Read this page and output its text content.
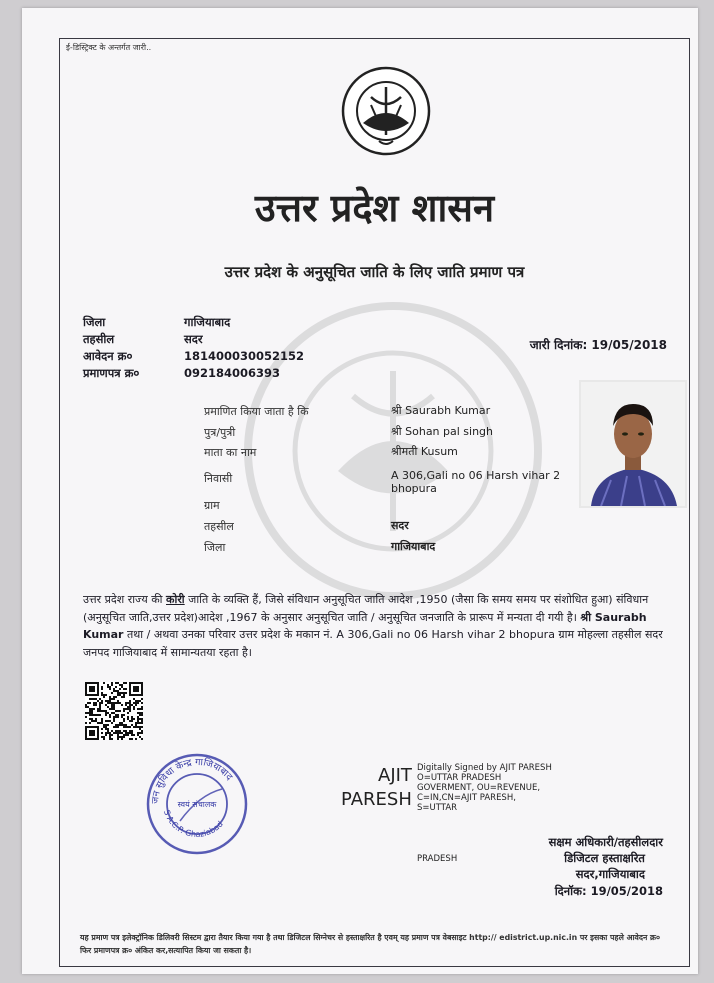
ई-डिस्ट्रिक्ट के अन्तर्गत जारी..
उत्तर प्रदेश शासन
उत्तर प्रदेश के अनुसूचित जाति के लिए जाति प्रमाण पत्र
जिला	गाजियाबाद
तहसील	सदर
आवेदन क्र०	181400030052152
प्रमाणपत्र क्र०	092184006393
जारी दिनांक: 19/05/2018
प्रमाणित किया जाता है कि	श्री Saurabh Kumar
पुत्र/पुत्री	श्री Sohan pal singh
माता का नाम	श्रीमती Kusum
निवासी	A 306,Gali no 06 Harsh vihar 2 bhopura
ग्राम
तहसील	सदर
जिला	गाजियाबाद
उत्तर प्रदेश राज्य की कोरी जाति के व्यक्ति हैं, जिसे संविधान अनुसूचित जाति आदेश ,1950 (जैसा कि समय समय पर संशोधित हुआ) संविधान (अनुसूचित जाति,उत्तर प्रदेश)आदेश ,1967 के अनुसार अनुसूचित जाति / अनुसूचित जनजाति के प्रारूप में मन्यता दी गयी है। श्री Saurabh Kumar तथा / अथवा उनका परिवार उत्तर प्रदेश के मकान नं. A 306,Gali no 06 Harsh vihar 2 bhopura ग्राम मोहल्ला तहसील सदर जनपद गाजियाबाद में सामान्यतया रहता है।
जन सुविधा केन्द्र गाजियाबाद
S A.C.P. Ghaziabad
स्वयं संचालक
AJIT
PARESH
Digitally Signed by AJIT PARESH O=UTTAR PRADESH GOVERMENT, OU=REVENUE, C=IN,CN=AJIT PARESH, S=UTTAR
PRADESH
सक्षम अधिकारी/तहसीलदार
डिजिटल हस्ताक्षरित
सदर,गाजियाबाद
दिनॉक: 19/05/2018
यह प्रमाण पत्र इलेक्ट्रॉनिक डिलिवरी सिस्टम द्वारा तैयार किया गया है तथा डिजिटल सिग्नेचर से हस्ताक्षरित है एवम् यह प्रमाण पत्र वेबसाइट http:// edistrict.up.nic.in पर इसका पहले आवेदन क्र० फिर प्रमाणपत्र क्र० अंकित कर,सत्यापित किया जा सकता है।
